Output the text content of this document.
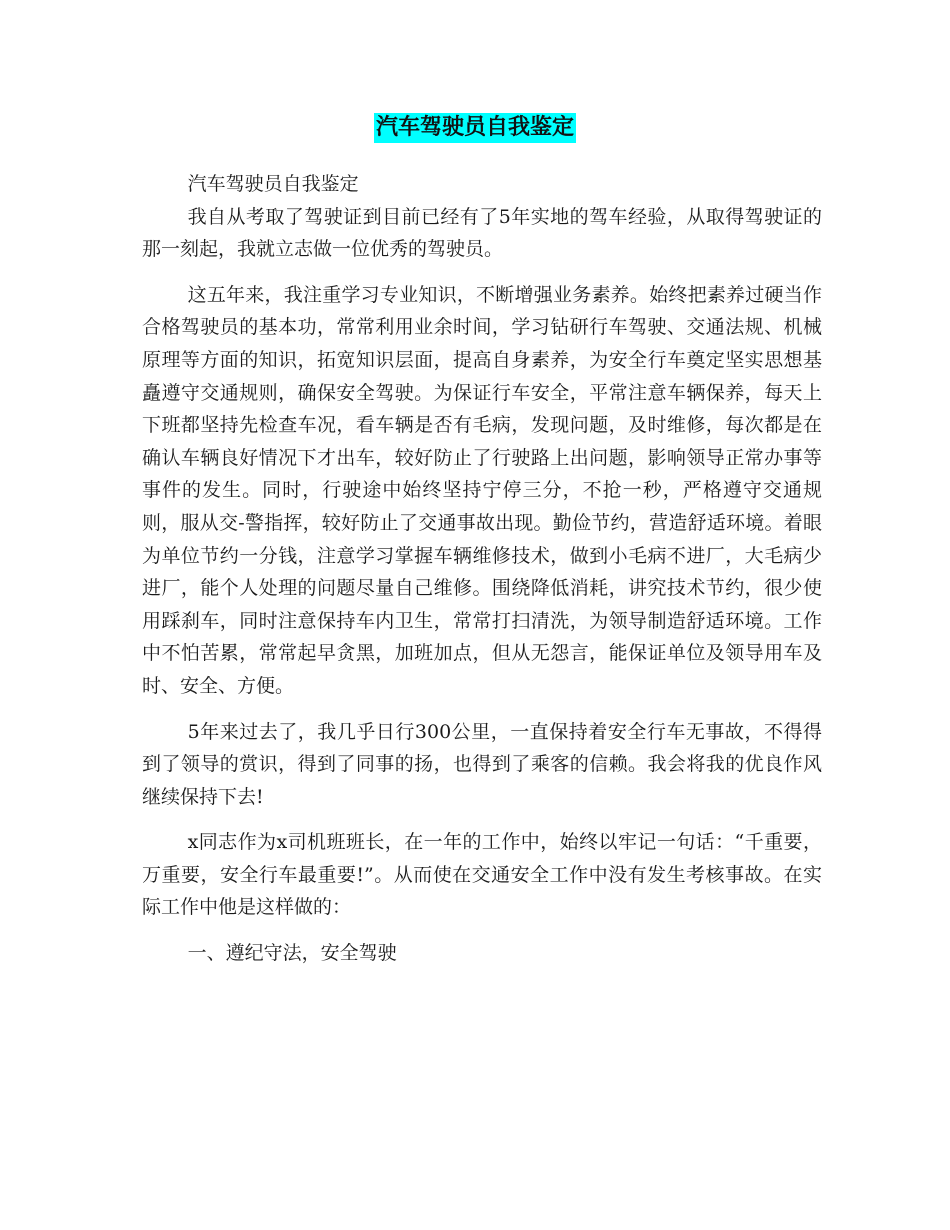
汽车驾驶员自我鉴定

汽车驾驶员自我鉴定

我自从考取了驾驶证到目前已经有了5年实地的驾车经验，从取得驾驶证的那一刻起，我就立志做一位优秀的驾驶员。

这五年来，我注重学习专业知识，不断增强业务素养。始终把素养过硬当作合格驾驶员的基本功，常常利用业余时间，学习钻研行车驾驶、交通法规、机械原理等方面的知识，拓宽知识层面，提高自身素养，为安全行车奠定坚实思想基矗遵守交通规则，确保安全驾驶。为保证行车安全，平常注意车辆保养，每天上下班都坚持先检查车况，看车辆是否有毛病，发现问题，及时维修，每次都是在确认车辆良好情况下才出车，较好防止了行驶路上出问题，影响领导正常办事等事件的发生。同时，行驶途中始终坚持宁停三分，不抢一秒，严格遵守交通规则，服从交-警指挥，较好防止了交通事故出现。勤俭节约，营造舒适环境。着眼为单位节约一分钱，注意学习掌握车辆维修技术，做到小毛病不进厂，大毛病少进厂，能个人处理的问题尽量自己维修。围绕降低消耗，讲究技术节约，很少使用踩刹车，同时注意保持车内卫生，常常打扫清洗，为领导制造舒适环境。工作中不怕苦累，常常起早贪黑，加班加点，但从无怨言，能保证单位及领导用车及时、安全、方便。

5年来过去了，我几乎日行300公里，一直保持着安全行车无事故，不得得到了领导的赏识，得到了同事的扬，也得到了乘客的信赖。我会将我的优良作风继续保持下去!

x同志作为x司机班班长，在一年的工作中，始终以牢记一句话：“千重要，万重要，安全行车最重要!”。从而使在交通安全工作中没有发生考核事故。在实际工作中他是这样做的：

一、遵纪守法，安全驾驶
